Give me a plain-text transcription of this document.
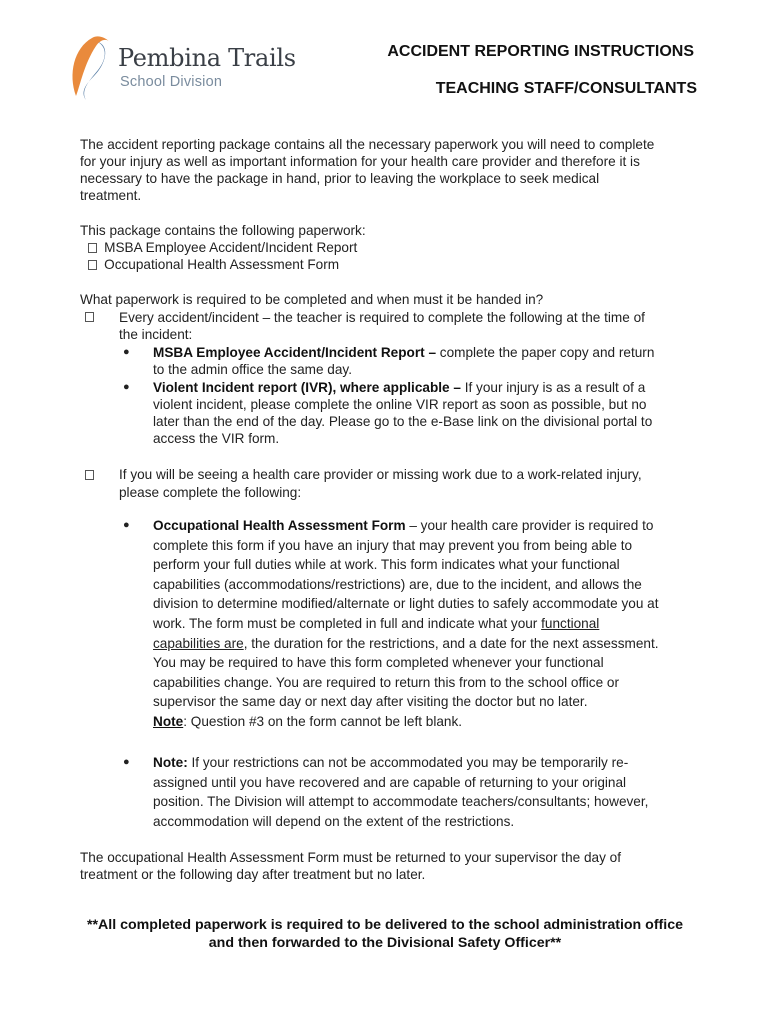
Pembina Trails
School Division
ACCIDENT REPORTING INSTRUCTIONS
TEACHING STAFF/CONSULTANTS
The accident reporting package contains all the necessary paperwork you will need to complete
for your injury as well as important information for your health care provider and therefore it is
necessary to have the package in hand, prior to leaving the workplace to seek medical
treatment.
This package contains the following paperwork:
MSBA Employee Accident/Incident Report
Occupational Health Assessment Form
What paperwork is required to be completed and when must it be handed in?
Every accident/incident – the teacher is required to complete the following at the time of
the incident:
● MSBA Employee Accident/Incident Report – complete the paper copy and return
to the admin office the same day.
● Violent Incident report (IVR), where applicable – If your injury is as a result of a
violent incident, please complete the online VIR report as soon as possible, but no
later than the end of the day. Please go to the e-Base link on the divisional portal to
access the VIR form.
If you will be seeing a health care provider or missing work due to a work-related injury,
please complete the following:
● Occupational Health Assessment Form – your health care provider is required to
complete this form if you have an injury that may prevent you from being able to
perform your full duties while at work. This form indicates what your functional
capabilities (accommodations/restrictions) are, due to the incident, and allows the
division to determine modified/alternate or light duties to safely accommodate you at
work. The form must be completed in full and indicate what your functional
capabilities are, the duration for the restrictions, and a date for the next assessment.
You may be required to have this form completed whenever your functional
capabilities change. You are required to return this from to the school office or
supervisor the same day or next day after visiting the doctor but no later.
Note: Question #3 on the form cannot be left blank.
● Note: If your restrictions can not be accommodated you may be temporarily re-
assigned until you have recovered and are capable of returning to your original
position. The Division will attempt to accommodate teachers/consultants; however,
accommodation will depend on the extent of the restrictions.
The occupational Health Assessment Form must be returned to your supervisor the day of
treatment or the following day after treatment but no later.
**All completed paperwork is required to be delivered to the school administration office
and then forwarded to the Divisional Safety Officer**
